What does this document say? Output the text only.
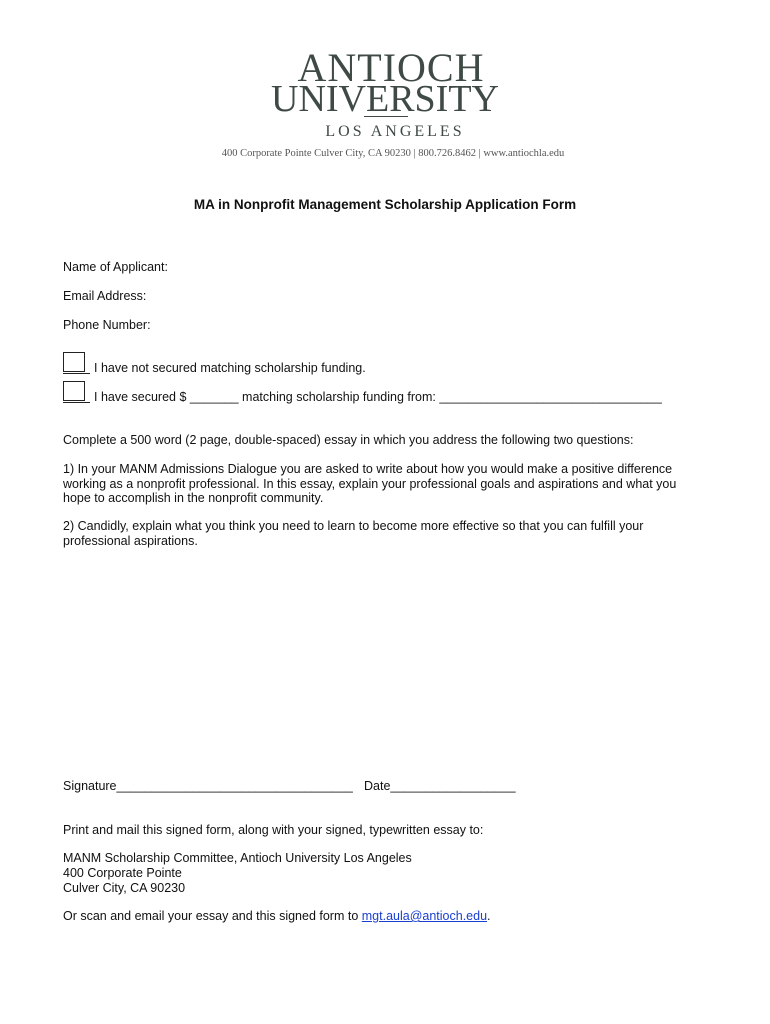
ANTIOCH
UNIVERSITY
LOS ANGELES
400 Corporate Pointe Culver City, CA 90230 | 800.726.8462 | www.antiochla.edu
MA in Nonprofit Management Scholarship Application Form
Name of Applicant:
Email Address:
Phone Number:
I have not secured matching scholarship funding.
I have secured $ _______ matching scholarship funding from: ________________________________
Complete a 500 word (2 page, double-spaced) essay in which you address the following two questions:
1) In your MANM Admissions Dialogue you are asked to write about how you would make a positive difference working as a nonprofit professional. In this essay, explain your professional goals and aspirations and what you hope to accomplish in the nonprofit community.
2) Candidly, explain what you think you need to learn to become more effective so that you can fulfill your professional aspirations.
Signature__________________________________ Date__________________
Print and mail this signed form, along with your signed, typewritten essay to:
MANM Scholarship Committee, Antioch University Los Angeles
400 Corporate Pointe
Culver City, CA 90230
Or scan and email your essay and this signed form to mgt.aula@antioch.edu.
